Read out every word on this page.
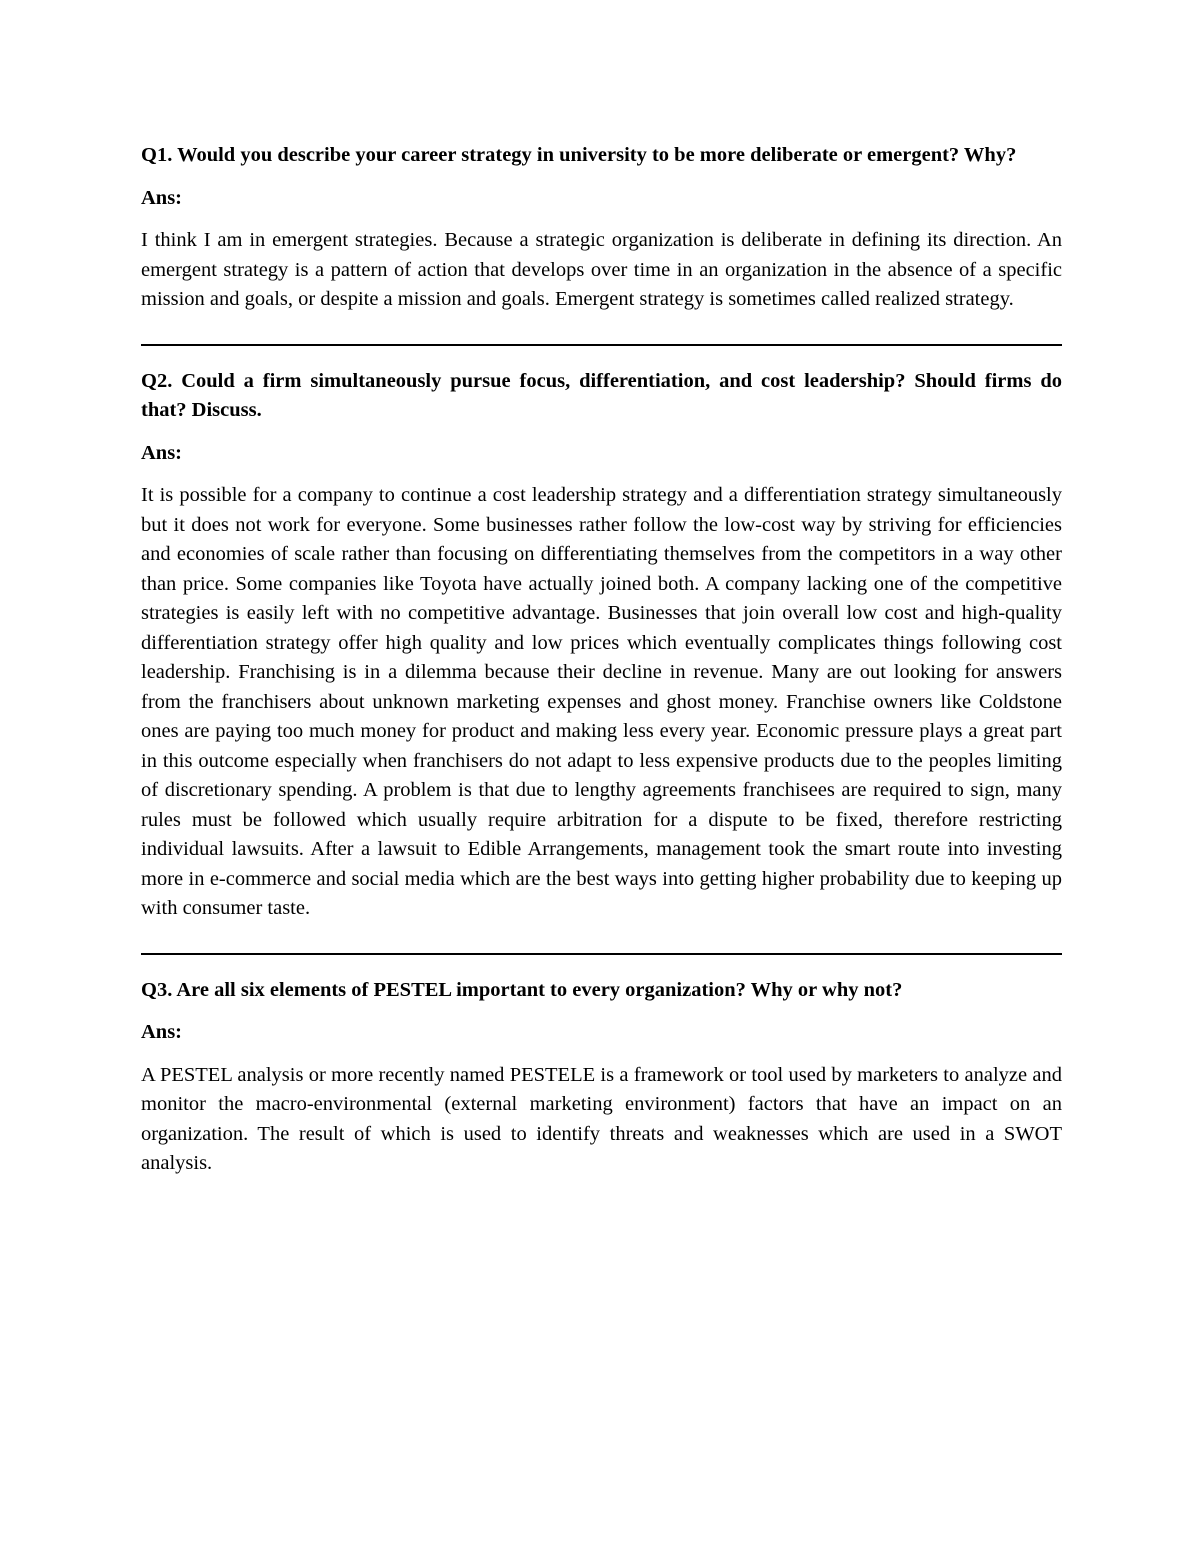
Q1. Would you describe your career strategy in university to be more deliberate or emergent? Why?

Ans:

I think I am in emergent strategies. Because a strategic organization is deliberate in defining its direction. An emergent strategy is a pattern of action that develops over time in an organization in the absence of a specific mission and goals, or despite a mission and goals. Emergent strategy is sometimes called realized strategy.

Q2. Could a firm simultaneously pursue focus, differentiation, and cost leadership? Should firms do that? Discuss.

Ans:

It is possible for a company to continue a cost leadership strategy and a differentiation strategy simultaneously but it does not work for everyone. Some businesses rather follow the low-cost way by striving for efficiencies and economies of scale rather than focusing on differentiating themselves from the competitors in a way other than price. Some companies like Toyota have actually joined both. A company lacking one of the competitive strategies is easily left with no competitive advantage. Businesses that join overall low cost and high-quality differentiation strategy offer high quality and low prices which eventually complicates things following cost leadership. Franchising is in a dilemma because their decline in revenue. Many are out looking for answers from the franchisers about unknown marketing expenses and ghost money. Franchise owners like Coldstone ones are paying too much money for product and making less every year. Economic pressure plays a great part in this outcome especially when franchisers do not adapt to less expensive products due to the peoples limiting of discretionary spending. A problem is that due to lengthy agreements franchisees are required to sign, many rules must be followed which usually require arbitration for a dispute to be fixed, therefore restricting individual lawsuits. After a lawsuit to Edible Arrangements, management took the smart route into investing more in e-commerce and social media which are the best ways into getting higher probability due to keeping up with consumer taste.

Q3. Are all six elements of PESTEL important to every organization? Why or why not?

Ans:

A PESTEL analysis or more recently named PESTELE is a framework or tool used by marketers to analyze and monitor the macro-environmental (external marketing environment) factors that have an impact on an organization. The result of which is used to identify threats and weaknesses which are used in a SWOT analysis.
